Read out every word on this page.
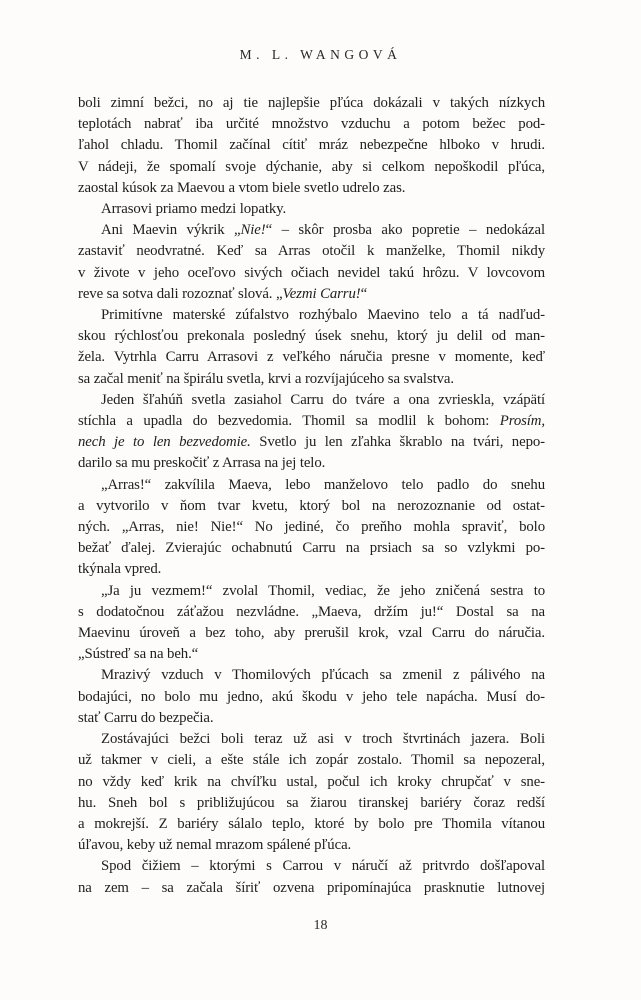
M. L. WANGOVÁ
boli zimní bežci, no aj tie najlepšie pľúca dokázali v takých nízkych
teplotách nabrať iba určité množstvo vzduchu a potom bežec pod-
ľahol chladu. Thomil začínal cítiť mráz nebezpečne hlboko v hrudi.
V nádeji, že spomalí svoje dýchanie, aby si celkom nepoškodil pľúca,
zaostal kúsok za Maevou a vtom biele svetlo udrelo zas.
Arrasovi priamo medzi lopatky.
Ani Maevin výkrik „Nie!“ – skôr prosba ako popretie – nedokázal
zastaviť neodvratné. Keď sa Arras otočil k manželke, Thomil nikdy
v živote v jeho oceľovo sivých očiach nevidel takú hrôzu. V lovcovom
reve sa sotva dali rozoznať slová. „Vezmi Carru!“
Primitívne materské zúfalstvo rozhýbalo Maevino telo a tá nadľud-
skou rýchlosťou prekonala posledný úsek snehu, ktorý ju delil od man-
žela. Vytrhla Carru Arrasovi z veľkého náručia presne v momente, keď
sa začal meniť na špirálu svetla, krvi a rozvíjajúceho sa svalstva.
Jeden šľahúň svetla zasiahol Carru do tváre a ona zvrieskla, vzápätí
stíchla a upadla do bezvedomia. Thomil sa modlil k bohom: Prosím,
nech je to len bezvedomie. Svetlo ju len zľahka škrablo na tvári, nepo-
darilo sa mu preskočiť z Arrasa na jej telo.
„Arras!“ zakvílila Maeva, lebo manželovo telo padlo do snehu
a vytvorilo v ňom tvar kvetu, ktorý bol na nerozoznanie od ostat-
ných. „Arras, nie! Nie!“ No jediné, čo preňho mohla spraviť, bolo
bežať ďalej. Zvierajúc ochabnutú Carru na prsiach sa so vzlykmi po-
tkýnala vpred.
„Ja ju vezmem!“ zvolal Thomil, vediac, že jeho zničená sestra to
s dodatočnou záťažou nezvládne. „Maeva, držím ju!“ Dostal sa na
Maevinu úroveň a bez toho, aby prerušil krok, vzal Carru do náručia.
„Sústreď sa na beh.“
Mrazivý vzduch v Thomilových pľúcach sa zmenil z pálivého na
bodajúci, no bolo mu jedno, akú škodu v jeho tele napácha. Musí do-
stať Carru do bezpečia.
Zostávajúci bežci boli teraz už asi v troch štvrtinách jazera. Boli
už takmer v cieli, a ešte stále ich zopár zostalo. Thomil sa nepozeral,
no vždy keď krik na chvíľku ustal, počul ich kroky chrupčať v sne-
hu. Sneh bol s približujúcou sa žiarou tiranskej bariéry čoraz redší
a mokrejší. Z bariéry sálalo teplo, ktoré by bolo pre Thomila vítanou
úľavou, keby už nemal mrazom spálené pľúca.
Spod čižiem – ktorými s Carrou v náručí až pritvrdo došľapoval
na zem – sa začala šíriť ozvena pripomínajúca prasknutie lutnovej
18
